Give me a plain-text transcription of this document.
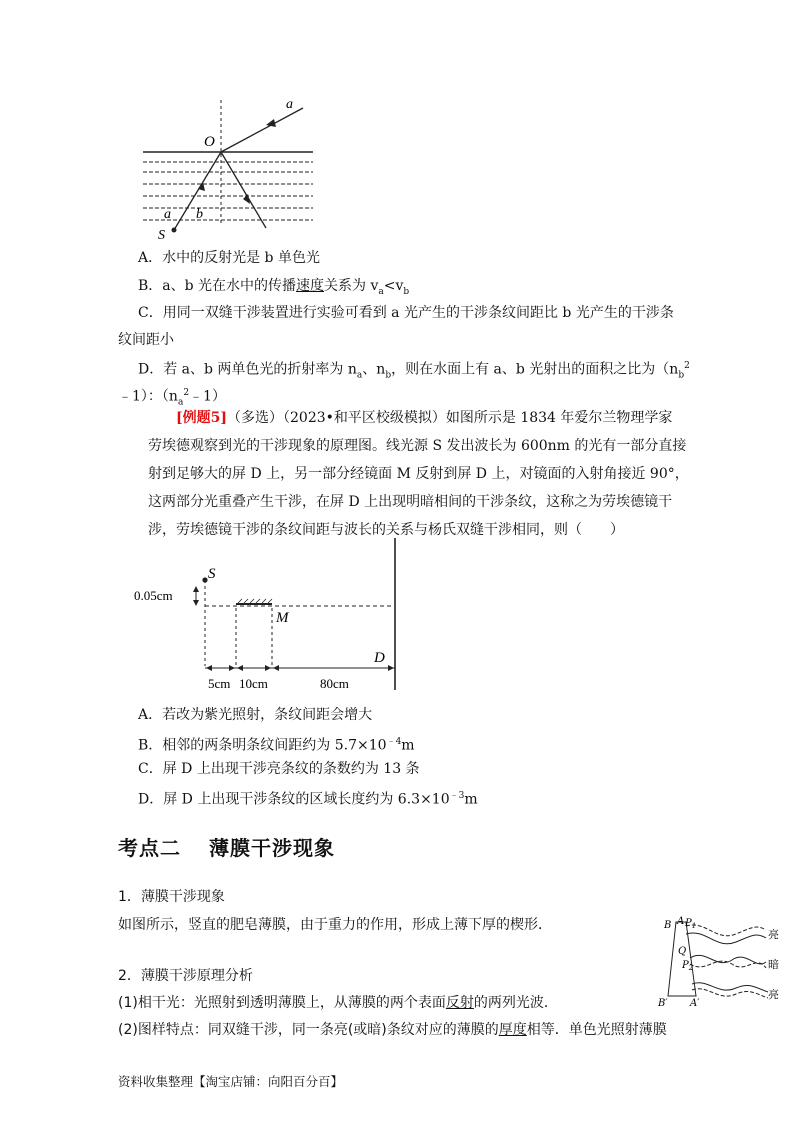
O
a
a b
S
A．水中的反射光是 b 单色光
B．a、b 光在水中的传播速度关系为 $v_a<v_b$
C．用同一双缝干涉装置进行实验可看到 a 光产生的干涉条纹间距比 b 光产生的干涉条
纹间距小
D．若 a、b 两单色光的折射率为 $n_a$、$n_b$，则在水面上有 a、b 光射出的面积之比为（$n_b^2$
﹣1）：$(n_a^2﹣1)$
[例题5]（多选）（2023•和平区校级模拟）如图所示是 1834 年爱尔兰物理学家
劳埃德观察到光的干涉现象的原理图。线光源 S 发出波长为 600nm 的光有一部分直接
射到足够大的屏 D 上，另一部分经镜面 M 反射到屏 D 上，对镜面的入射角接近 90°，
这两部分光重叠产生干涉，在屏 D 上出现明暗相间的干涉条纹，这称之为劳埃德镜干
涉，劳埃德镜干涉的条纹间距与波长的关系与杨氏双缝干涉相同，则（　　）
S
M
D
0.05cm
5cm 10cm	80cm
A．若改为紫光照射，条纹间距会增大
B．相邻的两条明条纹间距约为 $5.7\times 10^{﹣4}m$
C．屏 D 上出现干涉亮条纹的条数约为 13 条
D．屏 D 上出现干涉条纹的区域长度约为 $6.3\times 10^{﹣3}m$
考点二 薄膜干涉现象
1．薄膜干涉现象
如图所示，竖直的肥皂薄膜，由于重力的作用，形成上薄下厚的楔形．
2．薄膜干涉原理分析
(1)相干光：光照射到透明薄膜上，从薄膜的两个表面反射的两列光波．
(2)图样特点：同双缝干涉，同一条亮(或暗)条纹对应的薄膜的厚度相等．单色光照射薄膜
B A $P_1$
Q
$P_2$
B′ A′
亮
暗
亮
资料收集整理【淘宝店铺：向阳百分百】
